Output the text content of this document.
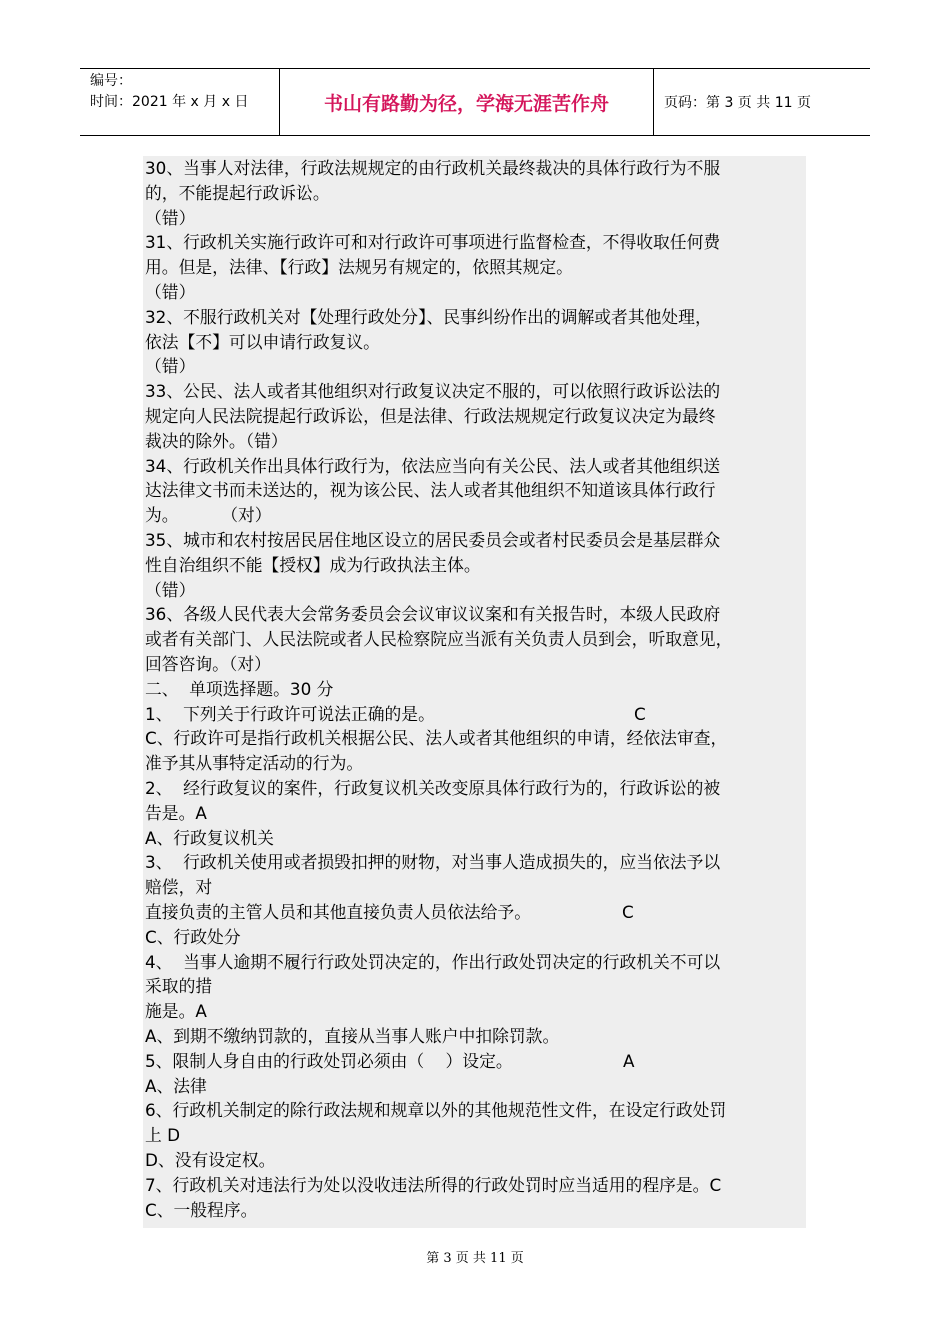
编号：
时间：2021 年 x 月 x 日	书山有路勤为径，学海无涯苦作舟	页码：第 3 页 共 11 页
30、当事人对法律，行政法规规定的由行政机关最终裁决的具体行政行为不服
的，不能提起行政诉讼。
（错）
31、行政机关实施行政许可和对行政许可事项进行监督检查，不得收取任何费
用。但是，法律、【行政】法规另有规定的，依照其规定。
（错）
32、不服行政机关对【处理行政处分】、民事纠纷作出的调解或者其他处理，
依法【不】可以申请行政复议。
（错）
33、公民、法人或者其他组织对行政复议决定不服的，可以依照行政诉讼法的
规定向人民法院提起行政诉讼，但是法律、行政法规规定行政复议决定为最终
裁决的除外。（错）
34、行政机关作出具体行政行为，依法应当向有关公民、法人或者其他组织送
达法律文书而未送达的，视为该公民、法人或者其他组织不知道该具体行政行
为。        （对）
35、城市和农村按居民居住地区设立的居民委员会或者村民委员会是基层群众
性自治组织不能【授权】成为行政执法主体。
（错）
36、各级人民代表大会常务委员会会议审议议案和有关报告时，本级人民政府
或者有关部门、人民法院或者人民检察院应当派有关负责人员到会，听取意见，
回答咨询。（对）
二、  单项选择题。30 分
1、  下列关于行政许可说法正确的是。
C、行政许可是指行政机关根据公民、法人或者其他组织的申请，经依法审查，
准予其从事特定活动的行为。
2、  经行政复议的案件，行政复议机关改变原具体行政行为的，行政诉讼的被
告是。A
A、行政复议机关
3、  行政机关使用或者损毁扣押的财物，对当事人造成损失的，应当依法予以
赔偿，对
直接负责的主管人员和其他直接负责人员依法给予。
C、行政处分
4、  当事人逾期不履行行政处罚决定的，作出行政处罚决定的行政机关不可以
采取的措
施是。A
A、到期不缴纳罚款的，直接从当事人账户中扣除罚款。
5、限制人身自由的行政处罚必须由（    ）设定。
A、法律
6、行政机关制定的除行政法规和规章以外的其他规范性文件，在设定行政处罚
上 D
D、没有设定权。
7、行政机关对违法行为处以没收违法所得的行政处罚时应当适用的程序是。C
C、一般程序。
C
C
A
第 3 页 共 11 页
